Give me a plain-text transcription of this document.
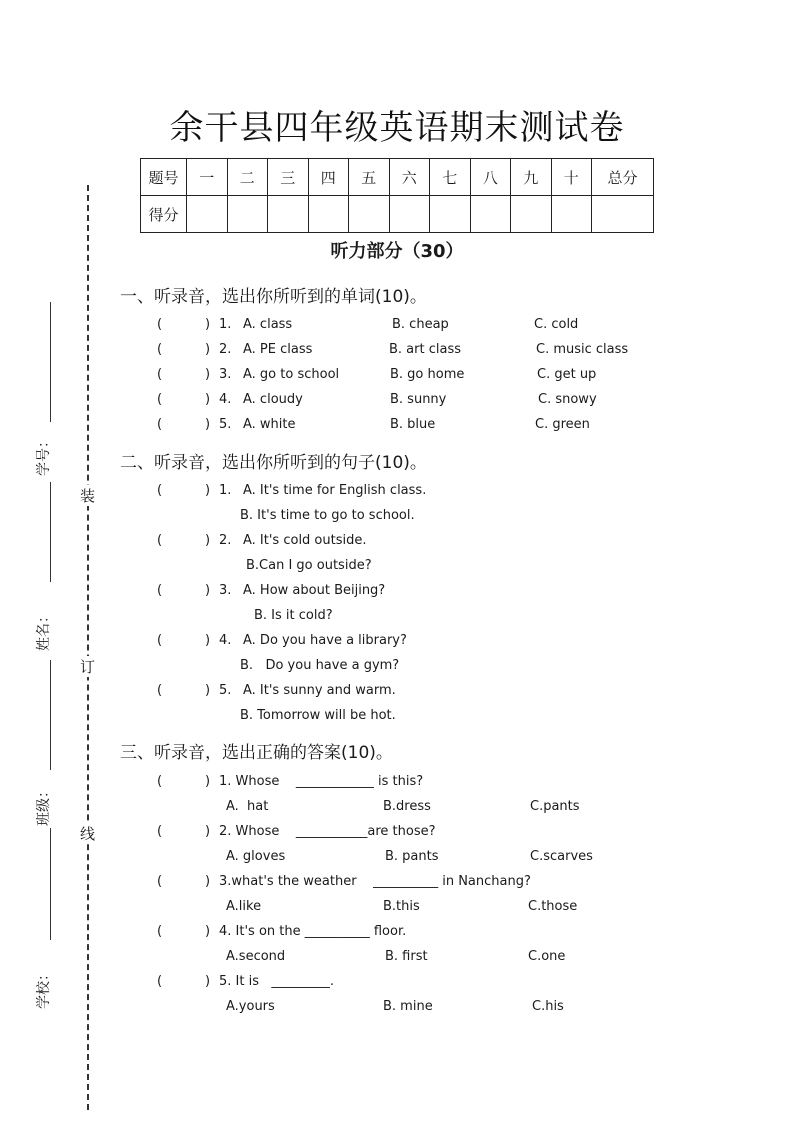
学号：
姓名：
班级：
学校：
装
订
线
余干县四年级英语期末测试卷
题号	一	二	三	四	五	六	七	八	九	十	总分
得分											
听力部分（30）
一、听录音，选出你所听到的单词(10)。
(	) 1. A. class	B. cheap	C. cold
(	) 2. A. PE class	B. art class	C. music class
(	) 3. A. go to school	B. go home	C. get up
(	) 4. A. cloudy	B. sunny	C. snowy
(	) 5. A. white	B. blue	C. green
二、听录音，选出你所听到的句子(10)。
(	) 1. A. It's time for English class.
B. It's time to go to school.
(	) 2. A. It's cold outside.
B.Can I go outside?
(	) 3. A. How about Beijing?
B. Is it cold?
(	) 4. A. Do you have a library?
B.   Do you have a gym?
(	) 5. A. It's sunny and warm.
B. Tomorrow will be hot.
三、听录音，选出正确的答案(10)。
(	) 1. Whose    ____________ is this?
A.  hat	B.dress	C.pants
(	) 2. Whose    ___________are those?
A. gloves	B. pants	C.scarves
(	) 3.what's the weather    __________ in Nanchang?
A.like	B.this	C.those
(	) 4. It's on the __________ floor.
A.second	B. first	C.one
(	) 5. It is   _________.
A.yours	B. mine	C.his
